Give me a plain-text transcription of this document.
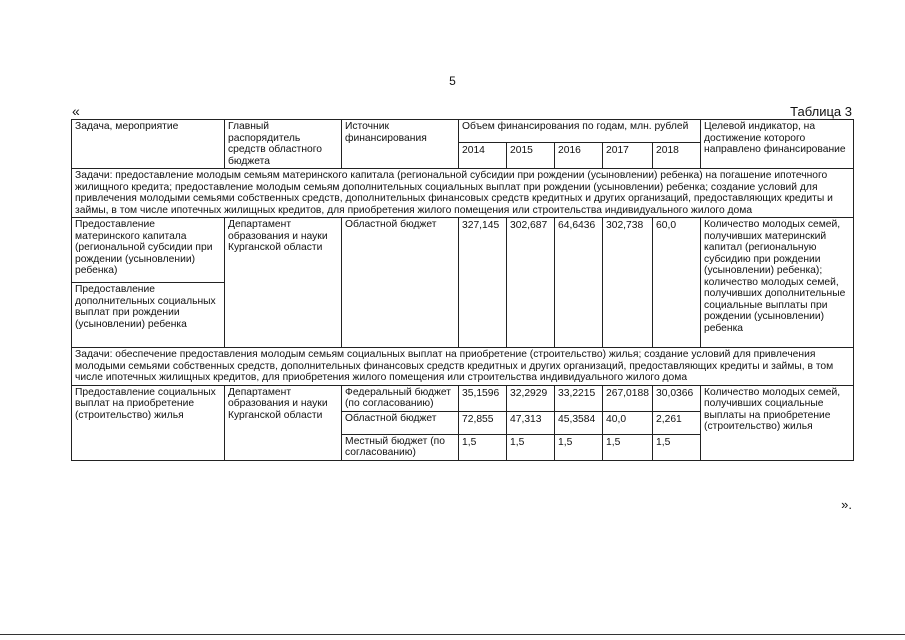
5
«	Таблица 3
Задача, мероприятие	Главный распорядитель средств областного бюджета	Источник финансирования	Объем финансирования по годам, млн. рублей					Целевой индикатор, на достижение которого направлено финансирование
			2014	2015	2016	2017	2018	
Задачи: предоставление молодым семьям материнского капитала (региональной субсидии при рождении (усыновлении) ребенка) на погашение ипотечного жилищного кредита; предоставление молодым семьям дополнительных социальных выплат при рождении (усыновлении) ребенка; создание условий для привлечения молодыми семьями собственных средств, дополнительных финансовых средств кредитных и других организаций, предоставляющих кредиты и займы, в том числе ипотечных жилищных кредитов, для приобретения жилого помещения или строительства индивидуального жилого дома								
Предоставление материнского капитала (региональной субсидии при рождении (усыновлении) ребенка)	Департамент образования и науки Курганской области	Областной бюджет	327,145	302,687	64,6436	302,738	60,0	Количество молодых семей, получивших материнский капитал (региональную субсидию при рождении (усыновлении) ребенка); количество молодых семей, получивших дополнительные социальные выплаты при рождении (усыновлении) ребенка
Предоставление дополнительных социальных выплат при рождении (усыновлении) ребенка								
Задачи: обеспечение предоставления молодым семьям социальных выплат на приобретение (строительство) жилья; создание условий для привлечения молодыми семьями собственных средств, дополнительных финансовых средств кредитных и других организаций, предоставляющих кредиты и займы, в том числе ипотечных жилищных кредитов, для приобретения жилого помещения или строительства индивидуального жилого дома								
Предоставление социальных выплат на приобретение (строительство) жилья	Департамент образования и науки Курганской области	Федеральный бюджет (по согласованию)	35,1596	32,2929	33,2215	267,0188	30,0366	Количество молодых семей, получивших социальные выплаты на приобретение (строительство) жилья
		Областной бюджет	72,855	47,313	45,3584	40,0	2,261	
		Местный бюджет (по согласованию)	1,5	1,5	1,5	1,5	1,5	
».
